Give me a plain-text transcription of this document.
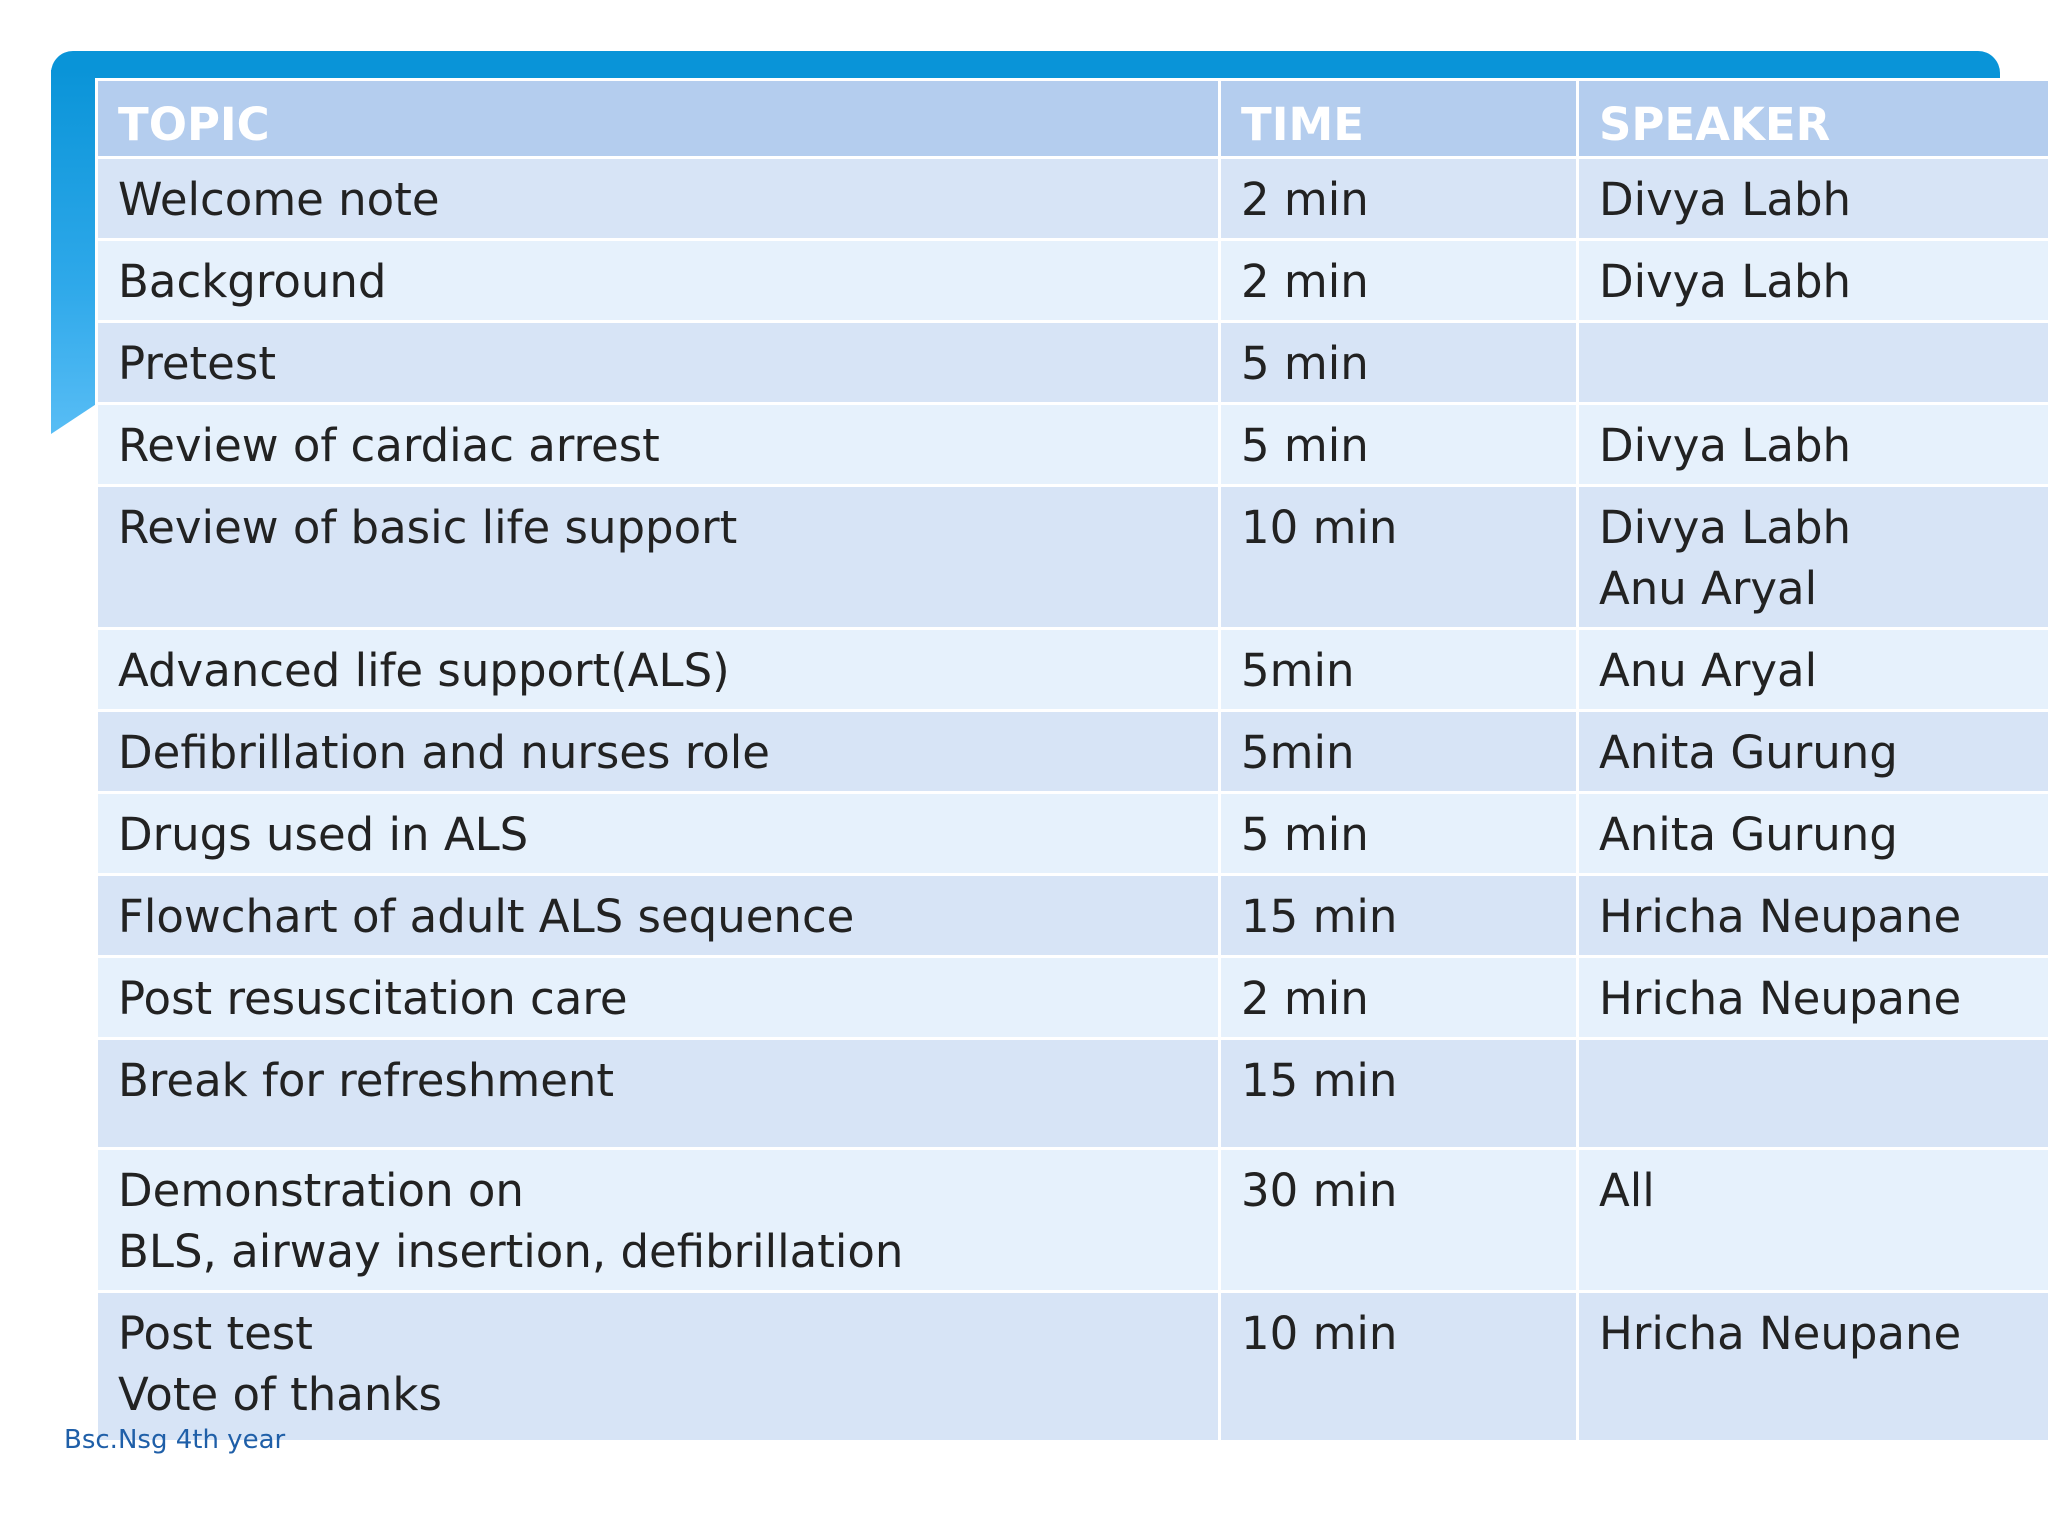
TOPIC	TIME	SPEAKER

Welcome note	2 min	Divya Labh

Background	2 min	Divya Labh

Pretest	5 min	

Review of cardiac arrest	5 min	Divya Labh

Review of basic life support	10 min	Divya Labh
Anu Aryal

Advanced life support(ALS)	5min	Anu Aryal

Defibrillation and nurses role	5min	Anita Gurung

Drugs used in ALS	5 min	Anita Gurung

Flowchart of adult ALS sequence	15 min	Hricha Neupane

Post resuscitation care	2 min	Hricha Neupane

Break for refreshment	15 min	

Demonstration on
BLS, airway insertion, defibrillation	30 min	All

Post test
Vote of thanks	10 min	Hricha Neupane
Bsc.Nsg 4th year
